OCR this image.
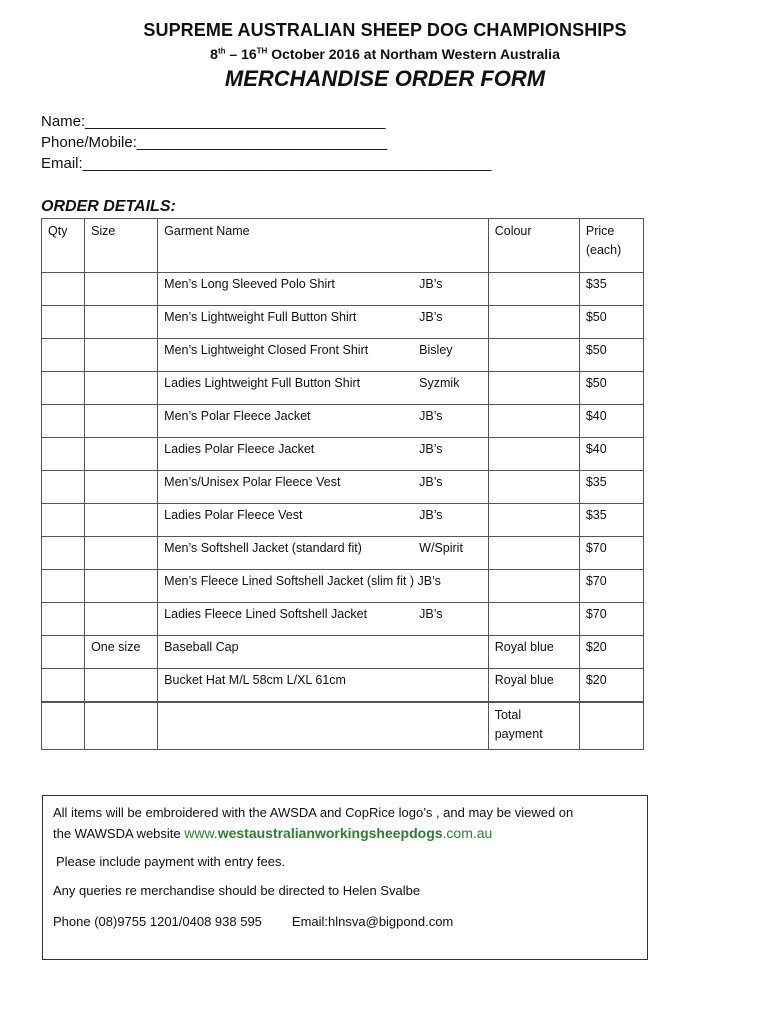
SUPREME AUSTRALIAN SHEEP DOG CHAMPIONSHIPS
8th – 16TH October 2016 at Northam Western Australia
MERCHANDISE ORDER FORM
Name:____________________________________
Phone/Mobile:______________________________
Email:_________________________________________________
ORDER DETAILS:
Qty	Size	Garment Name	Colour	Price
(each)
		Men’s Long Sleeved Polo Shirt JB’s		$35
		Men’s Lightweight Full Button Shirt JB’s		$50
		Men’s Lightweight Closed Front Shirt Bisley		$50
		Ladies Lightweight Full Button Shirt Syzmik		$50
		Men’s Polar Fleece Jacket JB’s		$40
		Ladies Polar Fleece Jacket JB’s		$40
		Men’s/Unisex Polar Fleece Vest JB’s		$35
		Ladies Polar Fleece Vest JB’s		$35
		Men’s Softshell Jacket (standard fit) W/Spirit		$70
		Men’s Fleece Lined Softshell Jacket (slim fit ) JB’s		$70
		Ladies Fleece Lined Softshell Jacket JB’s		$70
	One size	Baseball Cap	Royal blue	$20
		Bucket Hat M/L 58cm L/XL 61cm	Royal blue	$20
			Total
payment	

All items will be embroidered with the AWSDA and CopRice logo’s , and may be viewed on

the WAWSDA website www.westaustralianworkingsheepdogs.com.au

Please include payment with entry fees.

Any queries re merchandise should be directed to Helen Svalbe

Phone (08)9755 1201/0408 938 595 Email:hlnsva@bigpond.com
